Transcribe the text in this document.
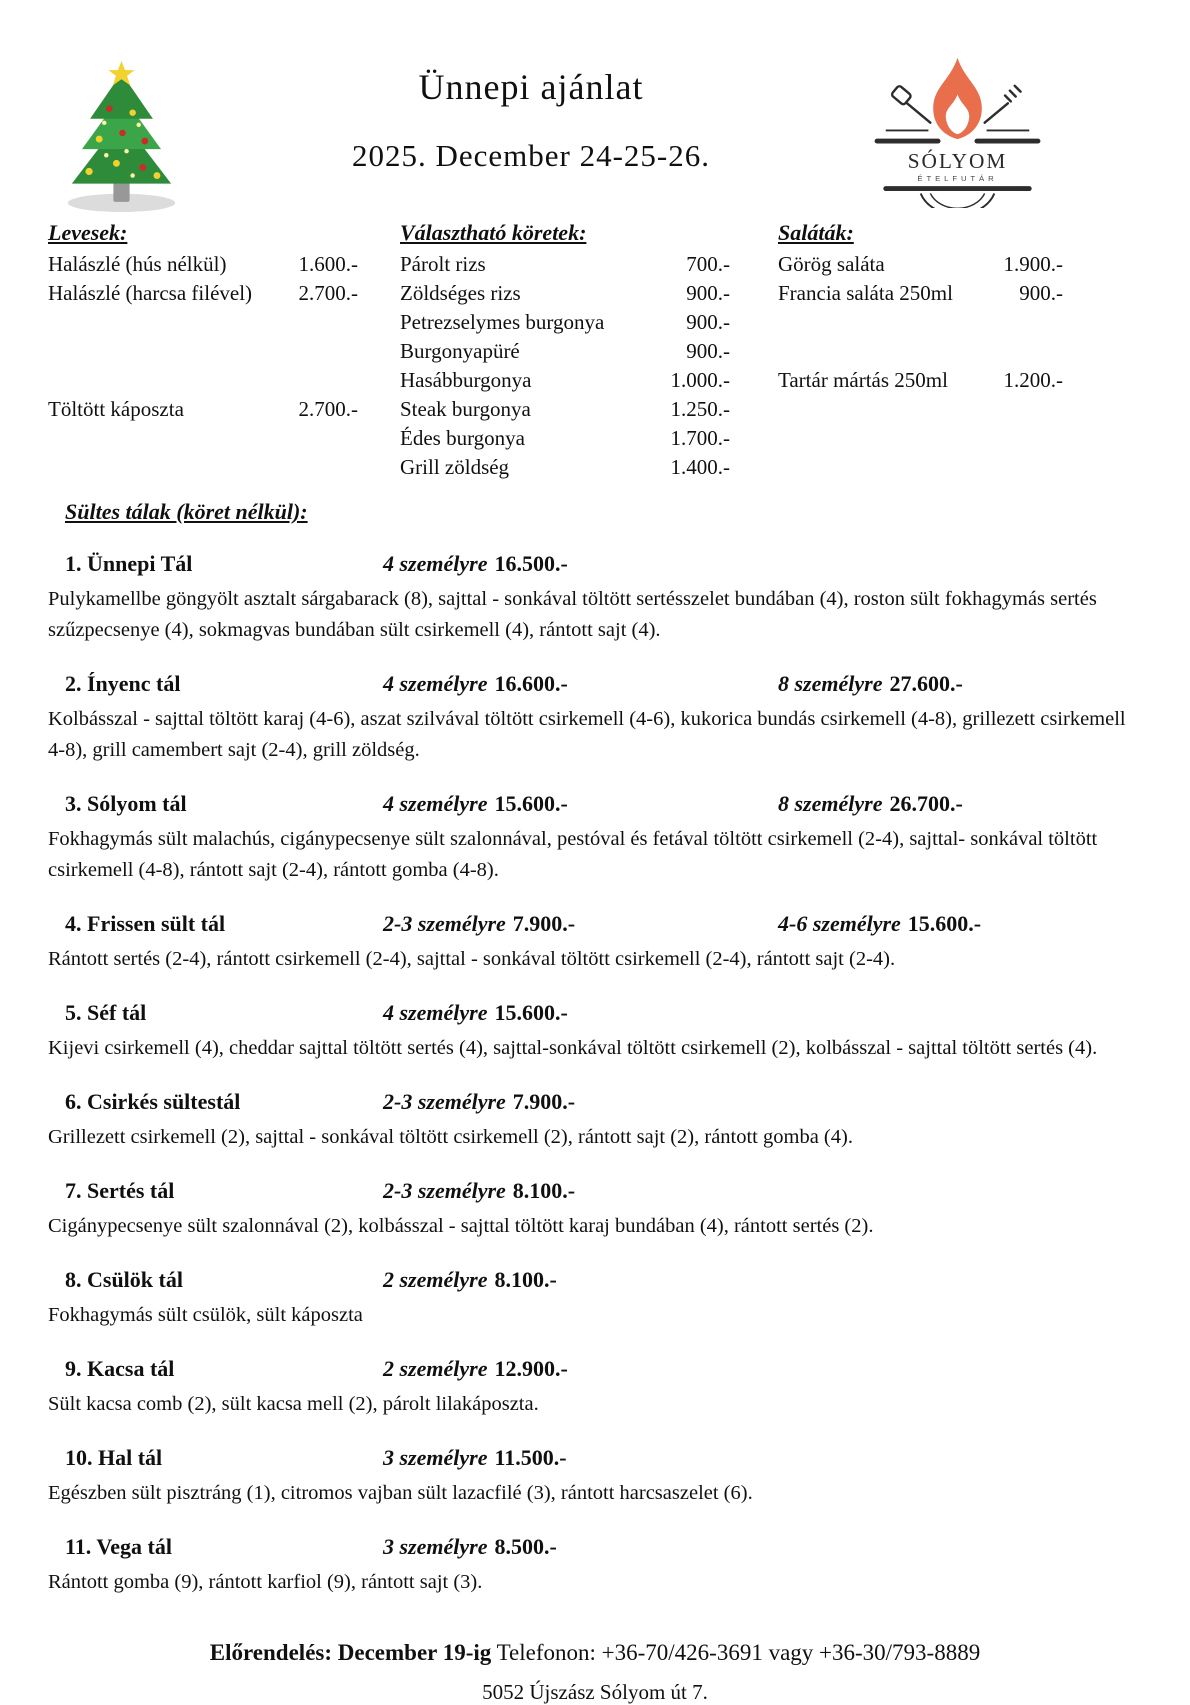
Ünnepi ajánlat
2025. December 24-25-26.	SÓLYOM
ÉTELFUTÁR
Levesek:
Halászlé (hús nélkül)	1.600.-
Halászlé (harcsa filével) 2.700.-
Töltött káposzta	2.700.-
Választható köretek:
Párolt rizs	700.-
Zöldséges rizs	900.-
Petrezselymes burgonya	900.-
Burgonyapüré	900.-
Hasábburgonya	1.000.-
Steak burgonya	1.250.-
Édes burgonya	1.700.-
Grill zöldség	1.400.-
Saláták:
Görög saláta	1.900.-
Francia saláta 250ml	900.-
Tartár mártás 250ml	1.200.-
Sültes tálak (köret nélkül):
1. Ünnepi Tál	4 személyre 16.500.-

Pulykamellbe göngyölt asztalt sárgabarack (8), sajttal - sonkával töltött sertésszelet bundában (4), roston sült fokhagymás sertés szűzpecsenye (4), sokmagvas bundában sült csirkemell (4), rántott sajt (4).

2. Ínyenc tál	4 személyre 16.600.-	8 személyre 27.600.-

Kolbásszal - sajttal töltött karaj (4-6), aszat szilvával töltött csirkemell (4-6), kukorica bundás csirkemell (4-8), grillezett csirkemell 4-8), grill camembert sajt (2-4), grill zöldség.

3. Sólyom tál	4 személyre 15.600.-	8 személyre 26.700.-

Fokhagymás sült malachús, cigánypecsenye sült szalonnával, pestóval és fetával töltött csirkemell (2-4), sajttal- sonkával töltött csirkemell (4-8), rántott sajt (2-4), rántott gomba (4-8).

4. Frissen sült tál	2-3 személyre 7.900.-	4-6 személyre 15.600.-

Rántott sertés (2-4), rántott csirkemell (2-4), sajttal - sonkával töltött csirkemell (2-4), rántott sajt (2-4).

5. Séf tál	4 személyre 15.600.-

Kijevi csirkemell (4), cheddar sajttal töltött sertés (4), sajttal-sonkával töltött csirkemell (2), kolbásszal - sajttal töltött sertés (4).

6. Csirkés sültestál	2-3 személyre 7.900.-

Grillezett csirkemell (2), sajttal - sonkával töltött csirkemell (2), rántott sajt (2), rántott gomba (4).

7. Sertés tál	2-3 személyre 8.100.-

Cigánypecsenye sült szalonnával (2), kolbásszal - sajttal töltött karaj bundában (4), rántott sertés (2).

8. Csülök tál	2 személyre 8.100.-

Fokhagymás sült csülök, sült káposzta

9. Kacsa tál	2 személyre 12.900.-

Sült kacsa comb (2), sült kacsa mell (2), párolt lilakáposzta.

10. Hal tál	3 személyre 11.500.-

Egészben sült pisztráng (1), citromos vajban sült lazacfilé (3), rántott harcsaszelet (6).

11. Vega tál	3 személyre 8.500.-

Rántott gomba (9), rántott karfiol (9), rántott sajt (3).

Előrendelés: December 19-ig Telefonon: +36-70/426-3691 vagy +36-30/793-8889
5052 Újszász Sólyom út 7.
